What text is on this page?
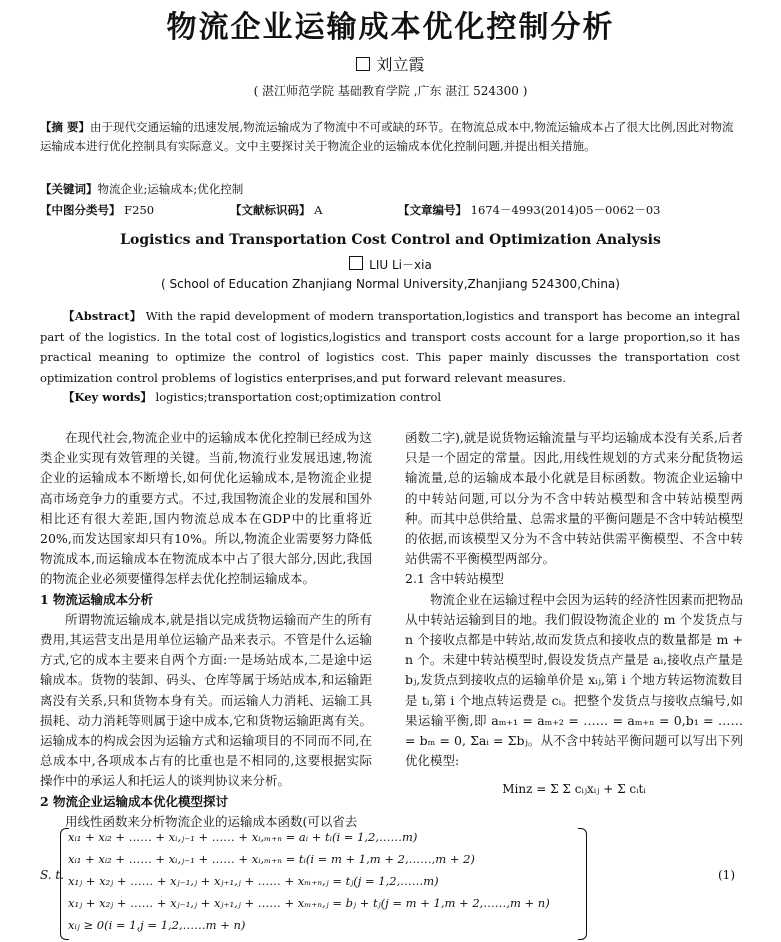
物流企业运输成本优化控制分析
刘立霞
( 湛江师范学院 基础教育学院 ,广东 湛江 524300 )
【摘 要】由于现代交通运输的迅速发展,物流运输成为了物流中不可或缺的环节。在物流总成本中,物流运输成本占了很大比例,因此对物流运输成本进行优化控制具有实际意义。文中主要探讨关于物流企业的运输成本优化控制问题,并提出相关措施。
【关键词】物流企业;运输成本;优化控制
【中图分类号】 F250	【文献标识码】 A	【文章编号】 1674－4993(2014)05－0062－03
Logistics and Transportation Cost Control and Optimization Analysis
LIU Li－xia
( School of Education Zhanjiang Normal University,Zhanjiang 524300,China)
【Abstract】 With the rapid development of modern transportation,logistics and transport has become an integral part of the logistics. In the total cost of logistics,logistics and transport costs account for a large proportion,so it has practical meaning to optimize the control of logistics cost. This paper mainly discusses the transportation cost optimization control problems of logistics enterprises,and put forward relevant measures.
【Key words】 logistics;transportation cost;optimization control

在现代社会,物流企业中的运输成本优化控制已经成为这类企业实现有效管理的关键。当前,物流行业发展迅速,物流企业的运输成本不断增长,如何优化运输成本,是物流企业提高市场竞争力的重要方式。不过,我国物流企业的发展和国外相比还有很大差距,国内物流总成本在GDP中的比重将近20%,而发达国家却只有10%。所以,物流企业需要努力降低物流成本,而运输成本在物流成本中占了很大部分,因此,我国的物流企业必须要懂得怎样去优化控制运输成本。

1 物流运输成本分析

所谓物流运输成本,就是指以完成货物运输而产生的所有费用,其运营支出是用单位运输产品来表示。不管是什么运输方式,它的成本主要来自两个方面:一是场站成本,二是途中运输成本。货物的装卸、码头、仓库等属于场站成本,和运输距离没有关系,只和货物本身有关。而运输人力消耗、运输工具损耗、动力消耗等则属于途中成本,它和货物运输距离有关。运输成本的构成会因为运输方式和运输项目的不同而不同,在总成本中,各项成本占有的比重也是不相同的,这要根据实际操作中的承运人和托运人的谈判协议来分析。

2 物流企业运输成本优化模型探讨

用线性函数来分析物流企业的运输成本函数(可以省去

函数二字),就是说货物运输流量与平均运输成本没有关系,后者只是一个固定的常量。因此,用线性规划的方式来分配货物运输流量,总的运输成本最小化就是目标函数。物流企业运输中的中转站问题,可以分为不含中转站模型和含中转站模型两种。而其中总供给量、总需求量的平衡问题是不含中转站模型的依据,而该模型又分为不含中转站供需平衡模型、不含中转站供需不平衡模型两部分。

2.1 含中转站模型

物流企业在运输过程中会因为运转的经济性因素而把物品从中转站运输到目的地。我们假设物流企业的 m 个发货点与 n 个接收点都是中转站,故而发货点和接收点的数量都是 m + n 个。未建中转站模型时,假设发货点产量是 aᵢ,接收点产量是 bⱼ,发货点到接收点的运输单价是 xᵢⱼ,第 i 个地方转运物流数目是 tᵢ,第 i 个地点转运费是 cᵢ。把整个发货点与接收点编号,如果运输平衡,即 aₘ₊₁ = aₘ₊₂ = …… = aₘ₊ₙ = 0,b₁ = …… = bₘ = 0, Σaᵢ = Σbⱼ。从不含中转站平衡问题可以写出下列优化模型:

Minz = Σ Σ cᵢⱼxᵢⱼ + Σ cᵢtᵢ

S. t.
xᵢ₁ + xᵢ₂ + …… + xᵢ,ⱼ₋₁ + …… + xᵢ,ₘ₊ₙ = aᵢ + tᵢ(i = 1,2,……m)
xᵢ₁ + xᵢ₂ + …… + xᵢ,ⱼ₋₁ + …… + xᵢ,ₘ₊ₙ = tᵢ(i = m + 1,m + 2,……,m + 2)
x₁ⱼ + x₂ⱼ + …… + xⱼ₋₁,ⱼ + xⱼ₊₁,ⱼ + …… + xₘ₊ₙ,ⱼ = tⱼ(j = 1,2,……m)
x₁ⱼ + x₂ⱼ + …… + xⱼ₋₁,ⱼ + xⱼ₊₁,ⱼ + …… + xₘ₊ₙ,ⱼ = bⱼ + tⱼ(j = m + 1,m + 2,……,m + n)
xᵢⱼ ≥ 0(i = 1,j = 1,2,……m + n)
(1)
